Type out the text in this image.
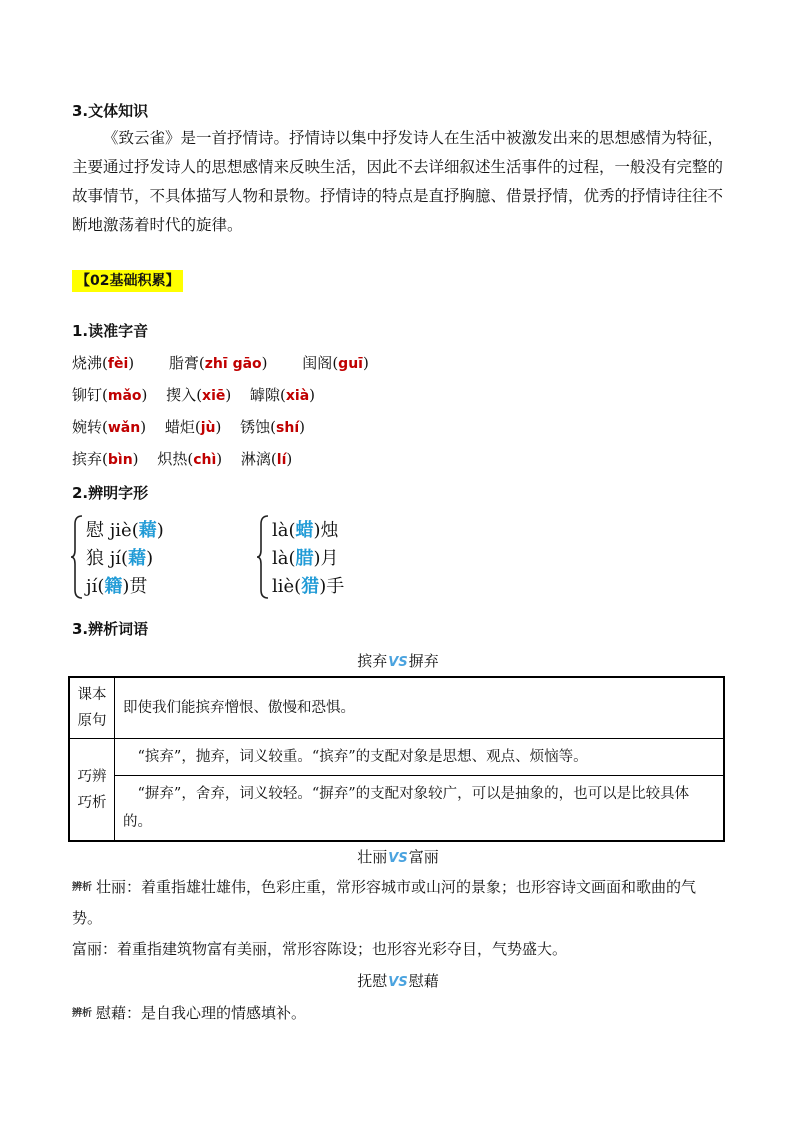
3.文体知识
《致云雀》是一首抒情诗。抒情诗以集中抒发诗人在生活中被激发出来的思想感情为特征，主要通过抒发诗人的思想感情来反映生活，因此不去详细叙述生活事件的过程，一般没有完整的故事情节，不具体描写人物和景物。抒情诗的特点是直抒胸臆、借景抒情，优秀的抒情诗往往不断地激荡着时代的旋律。
【02基础积累】
1.读准字音
烧沸(fèi) 脂膏(zhī gāo) 闺阁(guī)
铆钉(mǎo) 揳入(xiē) 罅隙(xià)
婉转(wǎn) 蜡炬(jù) 锈蚀(shí)
摈弃(bìn) 炽热(chì) 淋漓(lí)
2.辨明字形
慰 jiè(藉)
狼 jí(藉)
jí(籍)贯
là(蜡)烛
là(腊)月
liè(猎)手
3.辨析词语
摈弃VS摒弃
课本原句	即使我们能摈弃憎恨、傲慢和恐惧。
巧辨巧析	“摈弃”，抛弃，词义较重。“摈弃”的支配对象是思想、观点、烦恼等。
	“摒弃”，舍弃，词义较轻。“摒弃”的支配对象较广，可以是抽象的，也可以是比较具体的。
壮丽VS富丽
辨析 壮丽：着重指雄壮雄伟，色彩庄重，常形容城市或山河的景象；也形容诗文画面和歌曲的气势。
富丽：着重指建筑物富有美丽，常形容陈设；也形容光彩夺目，气势盛大。
抚慰VS慰藉
辨析 慰藉：是自我心理的情感填补。
